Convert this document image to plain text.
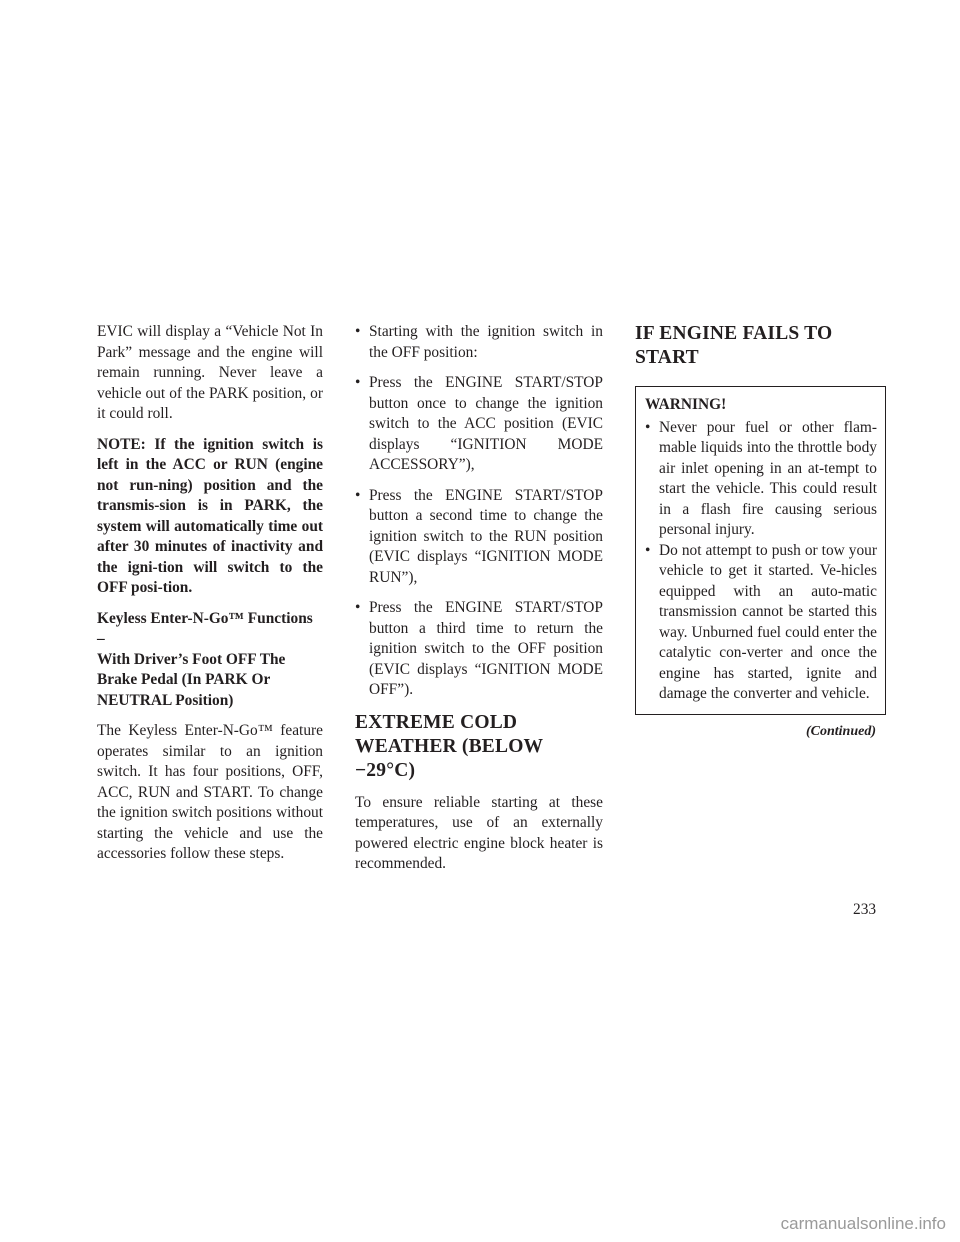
EVIC will display a “Vehicle Not In Park” message and the engine will remain running. Never leave a vehicle out of the PARK position, or it could roll.

NOTE: If the ignition switch is left in the ACC or RUN (engine not run-ning) position and the transmis-sion is in PARK, the system will automatically time out after 30 minutes of inactivity and the igni-tion will switch to the OFF posi-tion.

Keyless Enter-N-Go™ Functions –
With Driver’s Foot OFF The
Brake Pedal (In PARK Or
NEUTRAL Position)

The Keyless Enter-N-Go™ feature operates similar to an ignition switch. It has four positions, OFF, ACC, RUN and START. To change the ignition switch positions without starting the vehicle and use the accessories follow these steps.

• Starting with the ignition switch in the OFF position:
• Press the ENGINE START/STOP button once to change the ignition switch to the ACC position (EVIC displays “IGNITION MODE ACCESSORY”),
• Press the ENGINE START/STOP button a second time to change the ignition switch to the RUN position (EVIC displays “IGNITION MODE RUN”),
• Press the ENGINE START/STOP button a third time to return the ignition switch to the OFF position (EVIC displays “IGNITION MODE OFF”).
EXTREME COLD
WEATHER (BELOW −29°C)

To ensure reliable starting at these temperatures, use of an externally powered electric engine block heater is recommended.

IF ENGINE FAILS TO
START
WARNING!
• Never pour fuel or other flam-mable liquids into the throttle body air inlet opening in an at-tempt to start the vehicle. This could result in a flash fire causing serious personal injury.
• Do not attempt to push or tow your vehicle to get it started. Ve-hicles equipped with an auto-matic transmission cannot be started this way. Unburned fuel could enter the catalytic con-verter and once the engine has started, ignite and damage the converter and vehicle.
(Continued)
233
carmanualsonline.info
